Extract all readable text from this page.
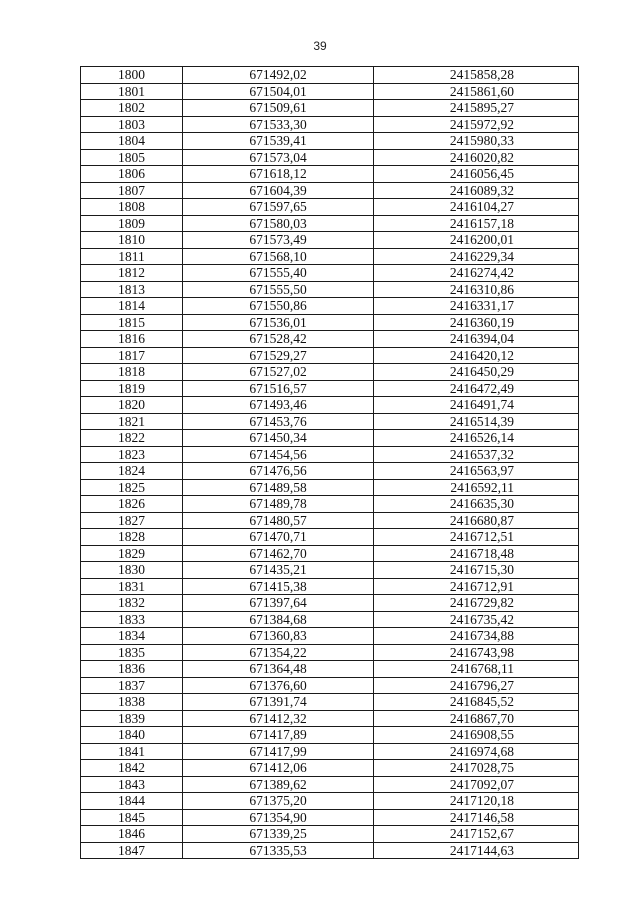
39
1800	671492,02	2415858,28
1801	671504,01	2415861,60
1802	671509,61	2415895,27
1803	671533,30	2415972,92
1804	671539,41	2415980,33
1805	671573,04	2416020,82
1806	671618,12	2416056,45
1807	671604,39	2416089,32
1808	671597,65	2416104,27
1809	671580,03	2416157,18
1810	671573,49	2416200,01
1811	671568,10	2416229,34
1812	671555,40	2416274,42
1813	671555,50	2416310,86
1814	671550,86	2416331,17
1815	671536,01	2416360,19
1816	671528,42	2416394,04
1817	671529,27	2416420,12
1818	671527,02	2416450,29
1819	671516,57	2416472,49
1820	671493,46	2416491,74
1821	671453,76	2416514,39
1822	671450,34	2416526,14
1823	671454,56	2416537,32
1824	671476,56	2416563,97
1825	671489,58	2416592,11
1826	671489,78	2416635,30
1827	671480,57	2416680,87
1828	671470,71	2416712,51
1829	671462,70	2416718,48
1830	671435,21	2416715,30
1831	671415,38	2416712,91
1832	671397,64	2416729,82
1833	671384,68	2416735,42
1834	671360,83	2416734,88
1835	671354,22	2416743,98
1836	671364,48	2416768,11
1837	671376,60	2416796,27
1838	671391,74	2416845,52
1839	671412,32	2416867,70
1840	671417,89	2416908,55
1841	671417,99	2416974,68
1842	671412,06	2417028,75
1843	671389,62	2417092,07
1844	671375,20	2417120,18
1845	671354,90	2417146,58
1846	671339,25	2417152,67
1847	671335,53	2417144,63
